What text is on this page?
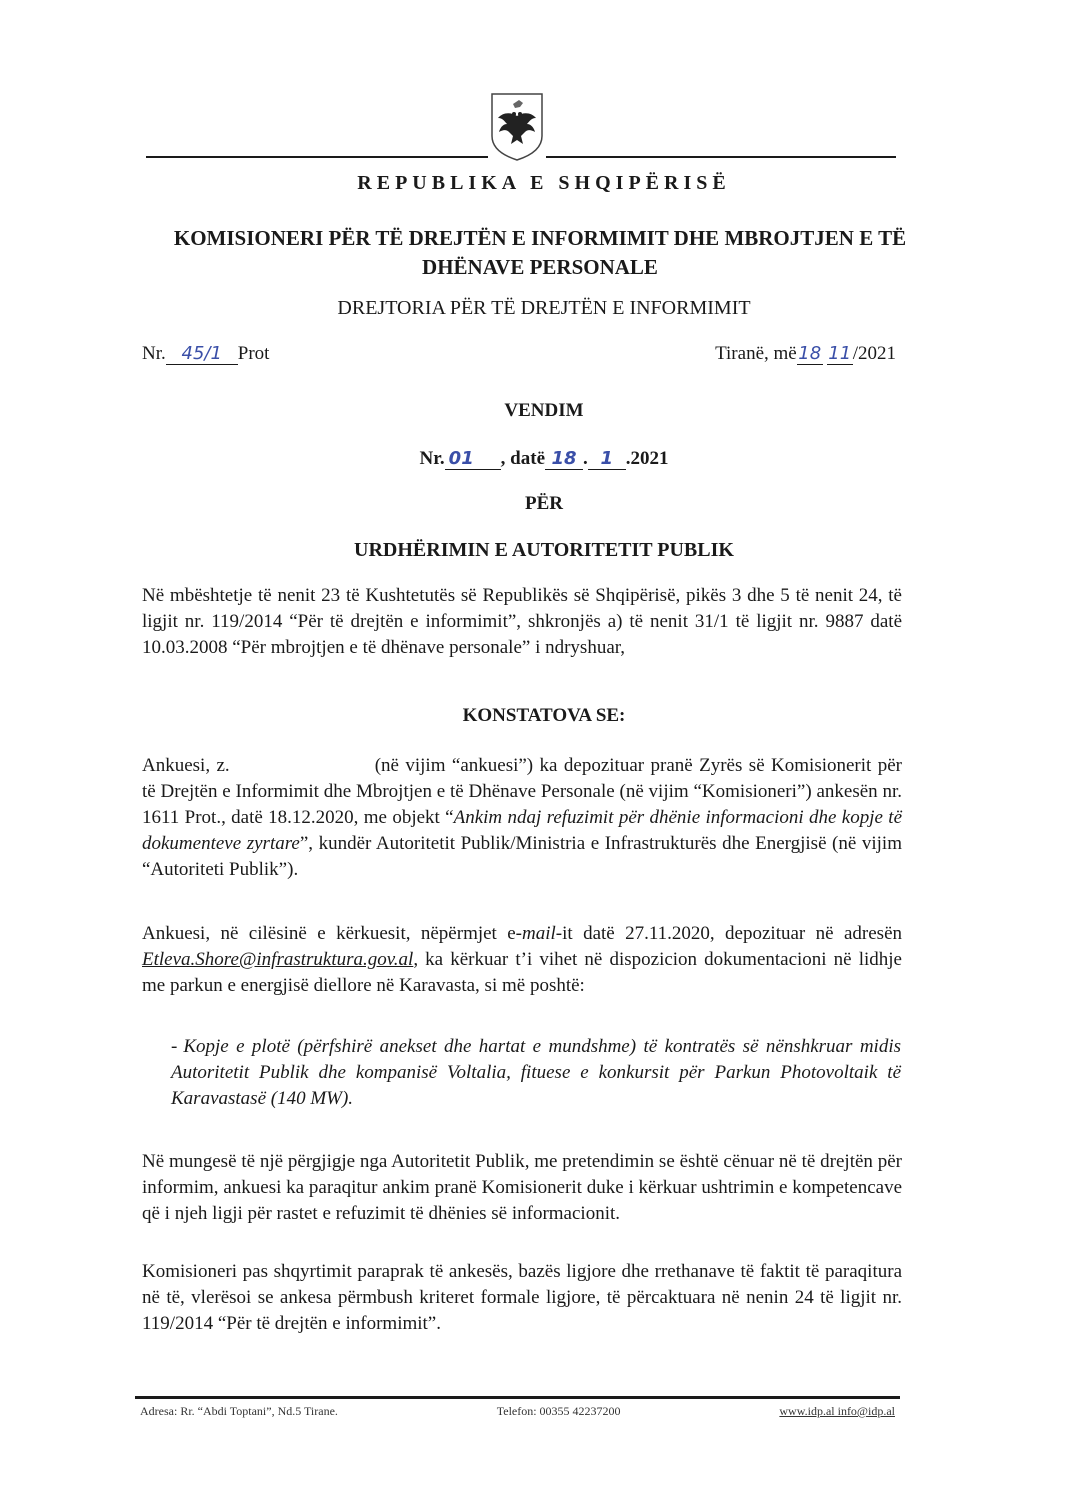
REPUBLIKA E SHQIPËRISË
KOMISIONERI PËR TË DREJTËN E INFORMIMIT DHE MBROJTJEN E TË DHËNAVE PERSONALE
DREJTORIA PËR TË DREJTËN E INFORMIMIT
Nr. 45/1 Prot	Tiranë, më18 11/2021
VENDIM
Nr. 01 , datë 18 . 1 .2021
PËR
URDHËRIMIN E AUTORITETIT PUBLIK
Në mbështetje të nenit 23 të Kushtetutës së Republikës së Shqipërisë, pikës 3 dhe 5 të nenit 24, të ligjit nr. 119/2014 “Për të drejtën e informimit”, shkronjës a) të nenit 31/1 të ligjit nr. 9887 datë 10.03.2008 “Për mbrojtjen e të dhënave personale” i ndryshuar,
KONSTATOVA SE:
Ankuesi, z.	(në vijim “ankuesi”) ka depozituar pranë Zyrës së Komisionerit për të Drejtën e Informimit dhe Mbrojtjen e të Dhënave Personale (në vijim “Komisioneri”) ankesën nr. 1611 Prot., datë 18.12.2020, me objekt “Ankim ndaj refuzimit për dhënie informacioni dhe kopje të dokumenteve zyrtare”, kundër Autoritetit Publik/Ministria e Infrastrukturës dhe Energjisë (në vijim “Autoriteti Publik”).
Ankuesi, në cilësinë e kërkuesit, nëpërmjet e-mail-it datë 27.11.2020, depozituar në adresën Etleva.Shore@infrastruktura.gov.al, ka kërkuar t’i vihet në dispozicion dokumentacioni në lidhje me parkun e energjisë diellore në Karavasta, si më poshtë:
- Kopje e plotë (përfshirë anekset dhe hartat e mundshme) të kontratës së nënshkruar midis Autoritetit Publik dhe kompanisë Voltalia, fituese e konkursit për Parkun Photovoltaik të Karavastasë (140 MW).
Në mungesë të një përgjigje nga Autoritetit Publik, me pretendimin se është cënuar në të drejtën për informim, ankuesi ka paraqitur ankim pranë Komisionerit duke i kërkuar ushtrimin e kompetencave që i njeh ligji për rastet e refuzimit të dhënies së informacionit.
Komisioneri pas shqyrtimit paraprak të ankesës, bazës ligjore dhe rrethanave të faktit të paraqitura në të, vlerësoi se ankesa përmbush kriteret formale ligjore, të përcaktuara në nenin 24 të ligjit nr. 119/2014 “Për të drejtën e informimit”.
Adresa: Rr. “Abdi Toptani”, Nd.5 Tirane.	Telefon: 00355 42237200	www.idp.al info@idp.al
